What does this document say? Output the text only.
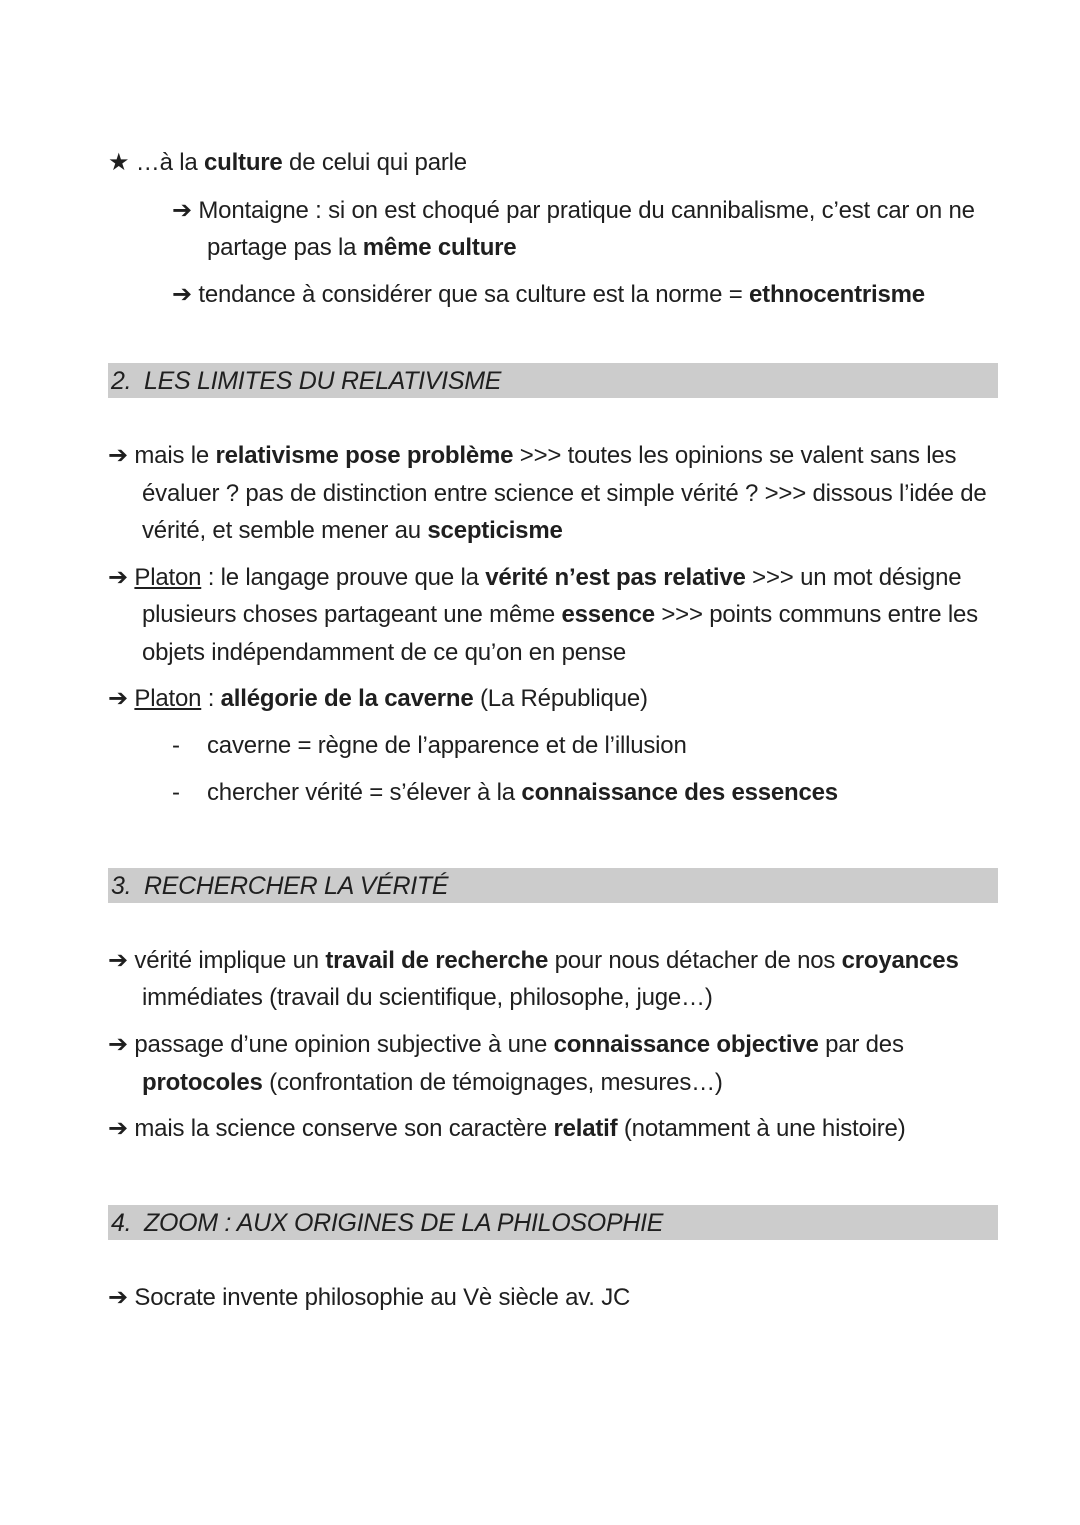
★ …à la culture de celui qui parle
➔ Montaigne : si on est choqué par pratique du cannibalisme, c’est car on ne
partage pas la même culture
➔ tendance à considérer que sa culture est la norme = ethnocentrisme
2. LES LIMITES DU RELATIVISME
➔ mais le relativisme pose problème >>> toutes les opinions se valent sans les
évaluer ? pas de distinction entre science et simple vérité ? >>> dissous l’idée de
vérité, et semble mener au scepticisme
➔ Platon : le langage prouve que la vérité n’est pas relative >>> un mot désigne
plusieurs choses partageant une même essence >>> points communs entre les
objets indépendamment de ce qu’on en pense
➔ Platon : allégorie de la caverne (La République)
- caverne = règne de l’apparence et de l’illusion
- chercher vérité = s’élever à la connaissance des essences
3. RECHERCHER LA VÉRITÉ
➔ vérité implique un travail de recherche pour nous détacher de nos croyances
immédiates (travail du scientifique, philosophe, juge…)
➔ passage d’une opinion subjective à une connaissance objective par des
protocoles (confrontation de témoignages, mesures…)
➔ mais la science conserve son caractère relatif (notamment à une histoire)
4. ZOOM : AUX ORIGINES DE LA PHILOSOPHIE
➔ Socrate invente philosophie au Vè siècle av. JC
